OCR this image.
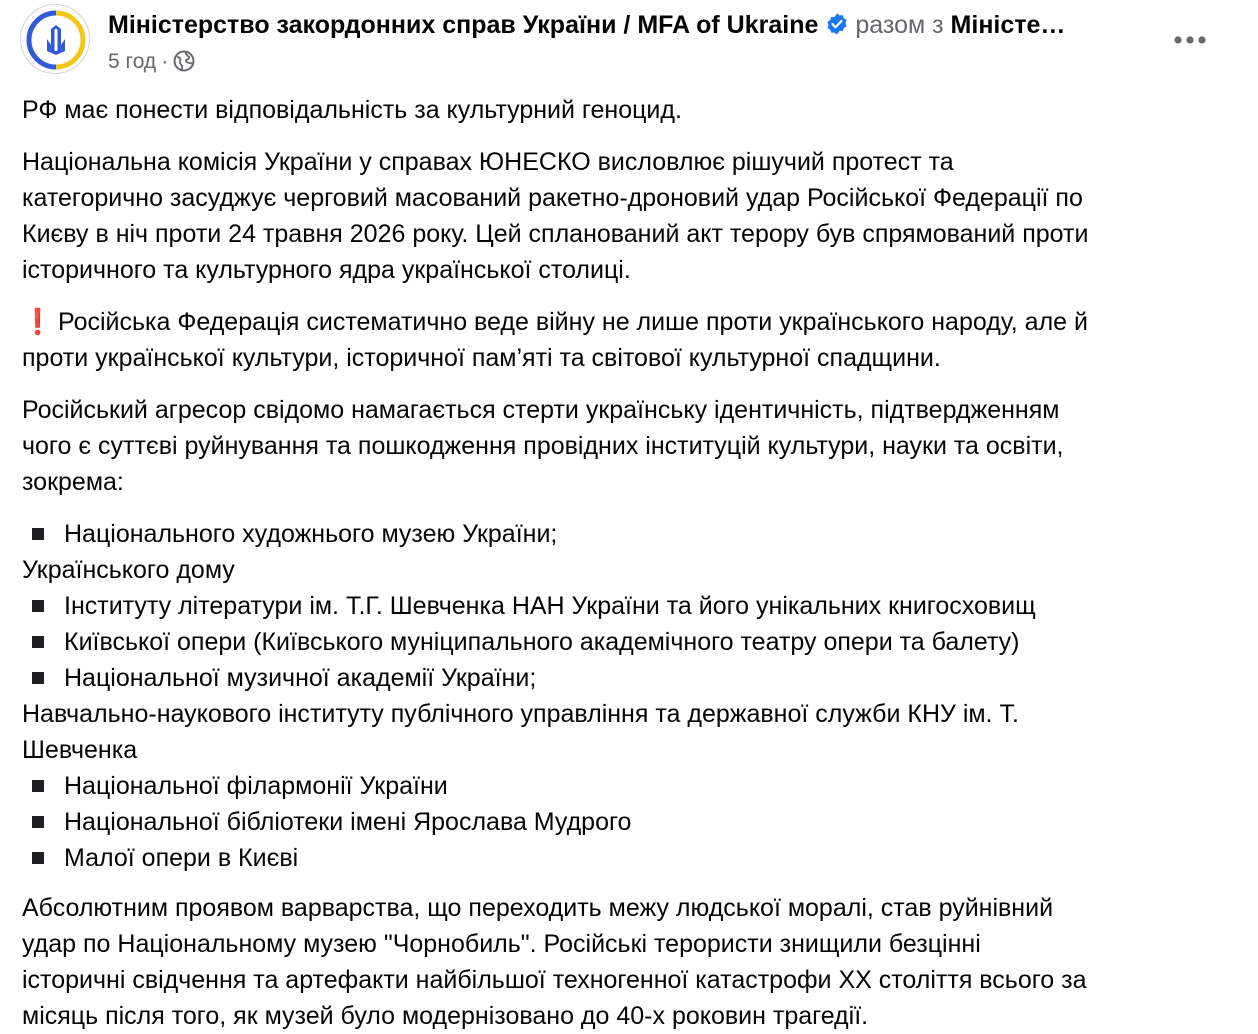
Міністерство закордонних справ України / MFA of Ukraine разом з Міністе…
5 год ·
РФ має понести відповідальність за культурний геноцид.
Національна комісія України у справах ЮНЕСКО висловлює рішучий протест та
категорично засуджує черговий масований ракетно-дроновий удар Російської Федерації по
Києву в ніч проти 24 травня 2026 року. Цей спланований акт терору був спрямований проти
історичного та культурного ядра української столиці.
❗ Російська Федерація систематично веде війну не лише проти українського народу, але й
проти української культури, історичної пам’яті та світової культурної спадщини.
Російський агресор свідомо намагається стерти українську ідентичність, підтвердженням
чого є суттєві руйнування та пошкодження провідних інституцій культури, науки та освіти,
зокрема:
Національного художнього музею України;
Українського дому
Інституту літератури ім. Т.Г. Шевченка НАН України та його унікальних книгосховищ
Київської опери (Київського муніципального академічного театру опери та балету)
Національної музичної академії України;
Навчально-наукового інституту публічного управління та державної служби КНУ ім. Т.
Шевченка
Національної філармонії України
Національної бібліотеки імені Ярослава Мудрого
Малої опери в Києві
Абсолютним проявом варварства, що переходить межу людської моралі, став руйнівний
удар по Національному музею "Чорнобиль". Російські терористи знищили безцінні
історичні свідчення та артефакти найбільшої техногенної катастрофи XX століття всього за
місяць після того, як музей було модернізовано до 40-х роковин трагедії.
